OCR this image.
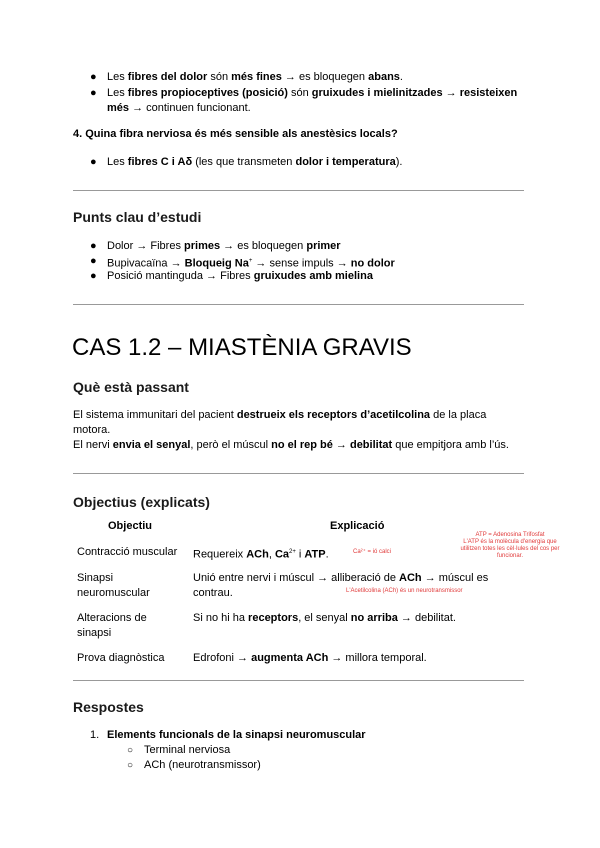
● Les fibres del dolor són més fines → es bloquegen abans.
● Les fibres propioceptives (posició) són gruixudes i mielinitzades → resisteixen
més → continuen funcionant.
4. Quina fibra nerviosa és més sensible als anestèsics locals?
● Les fibres C i Aδ (les que transmeten dolor i temperatura).
Punts clau d’estudi
● Dolor → Fibres primes → es bloquegen primer
● Bupivacaïna → Bloqueig Na+ → sense impuls → no dolor
● Posició mantinguda → Fibres gruixudes amb mielina
CAS 1.2 – MIASTÈNIA GRAVIS
Què està passant
El sistema immunitari del pacient destrueix els receptors d’acetilcolina de la placa
motora.
El nervi envia el senyal, però el múscul no el rep bé → debilitat que empitjora amb l’ús.
Objectius (explicats)
Objectiu	Explicació
Contracció muscular Requereix ACh, $Ca^{2+}$ i ATP.
Sinapsi
neuromuscular
Unió entre nervi i múscul → alliberació de ACh → múscul es
contrau.
Alteracions de
sinapsi
Si no hi ha receptors, el senyal no arriba → debilitat.
Prova diagnòstica	Edrofoni → augmenta ACh → millora temporal.
ATP = Adenosina Trifosfat
L'ATP és la molècula d'energia que
utilitzen totes les cèl·lules del cos per
funcionar.
Ca²⁺ = ió calci
L'Acetilcolina (ACh) és un neurotransmissor
Respostes
1. Elements funcionals de la sinapsi neuromuscular
○ Terminal nerviosa
○ ACh (neurotransmissor)
